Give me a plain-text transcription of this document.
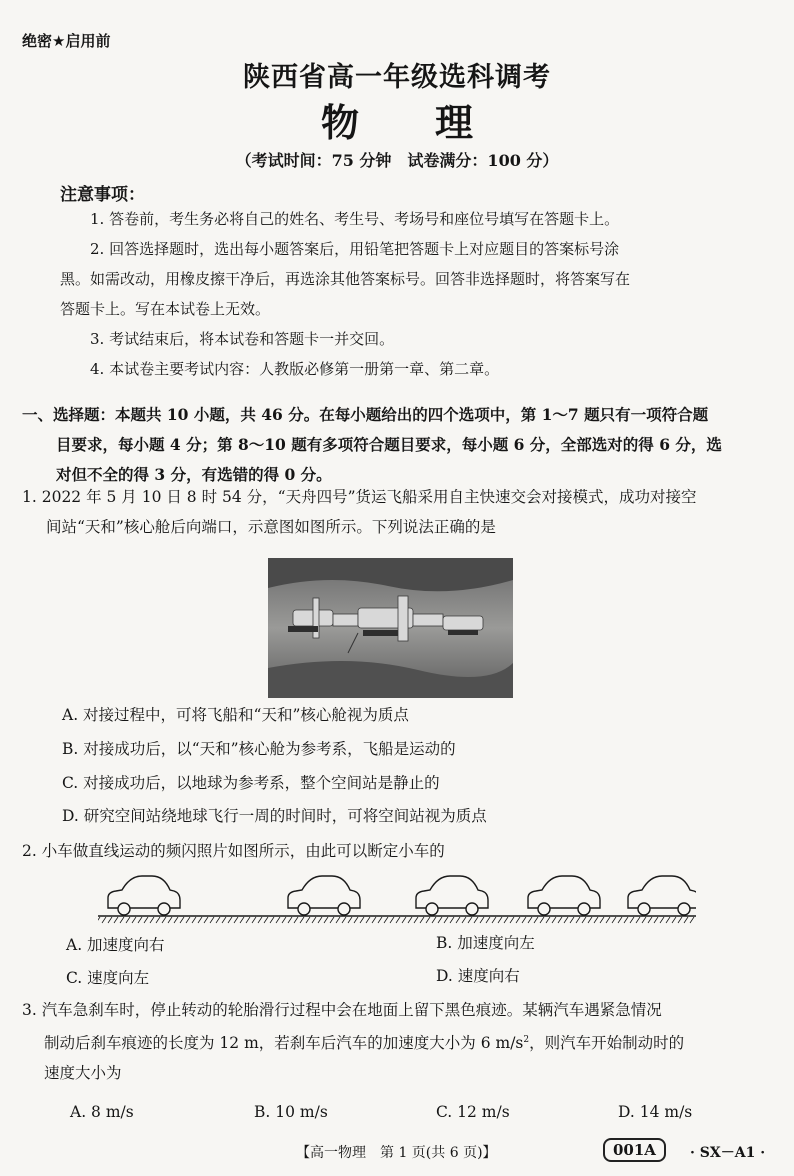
绝密★启用前
陕西省高一年级选科调考
物 理
（考试时间：75 分钟　试卷满分：100 分）
注意事项：

1. 答卷前，考生务必将自己的姓名、考生号、考场号和座位号填写在答题卡上。

2. 回答选择题时，选出每小题答案后，用铅笔把答题卡上对应题目的答案标号涂

黑。如需改动，用橡皮擦干净后，再选涂其他答案标号。回答非选择题时，将答案写在

答题卡上。写在本试卷上无效。

3. 考试结束后，将本试卷和答题卡一并交回。

4. 本试卷主要考试内容：人教版必修第一册第一章、第二章。

一、选择题：本题共 10 小题，共 46 分。在每小题给出的四个选项中，第 1～7 题只有一项符合题
目要求，每小题 4 分；第 8～10 题有多项符合题目要求，每小题 6 分，全部选对的得 6 分，选
对但不全的得 3 分，有选错的得 0 分。
1. 2022 年 5 月 10 日 8 时 54 分，“天舟四号”货运飞船采用自主快速交会对接模式，成功对接空
间站“天和”核心舱后向端口，示意图如图所示。下列说法正确的是
A. 对接过程中，可将飞船和“天和”核心舱视为质点
B. 对接成功后，以“天和”核心舱为参考系，飞船是运动的
C. 对接成功后，以地球为参考系，整个空间站是静止的
D. 研究空间站绕地球飞行一周的时间时，可将空间站视为质点
2. 小车做直线运动的频闪照片如图所示，由此可以断定小车的
A. 加速度向右	B. 加速度向左
C. 速度向左	D. 速度向右
3. 汽车急刹车时，停止转动的轮胎滑行过程中会在地面上留下黑色痕迹。某辆汽车遇紧急情况
制动后刹车痕迹的长度为 12 m，若刹车后汽车的加速度大小为 6 $m/s^2$，则汽车开始制动时的
速度大小为
A. 8 m/s	B. 10 m/s	C. 12 m/s	D. 14 m/s
【高一物理　第 1 页(共 6 页)】	001A	· SX－A1 ·
